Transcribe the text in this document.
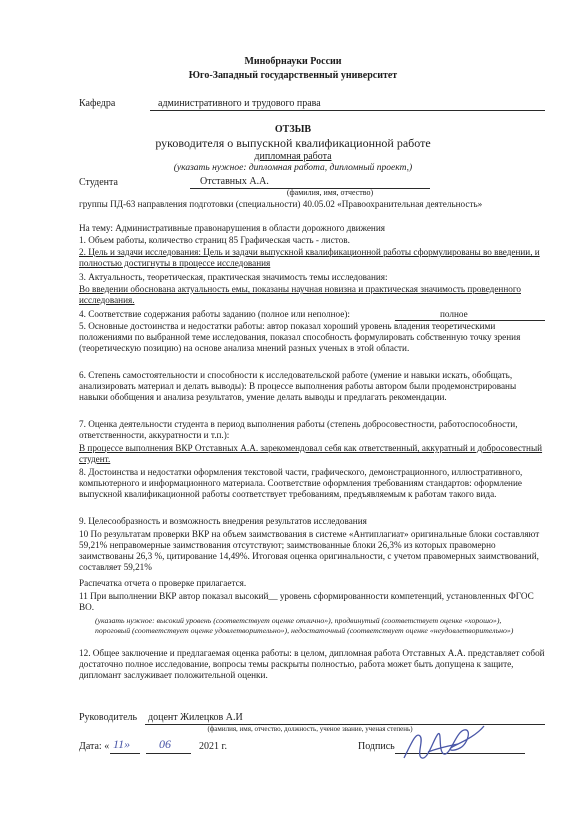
Минобрнауки России
Юго-Западный государственный университет
Кафедра	административного и трудового права
ОТЗЫВ
руководителя о выпускной квалификационной работе
дипломная работа
(указать нужное: дипломная работа, дипломный проект,)
Студента	Отставных А.А.
(фамилия, имя, отчество)
группы ПД-63 направления подготовки (специальности) 40.05.02 «Правоохранительная деятельность»
На тему: Административные правонарушения в области дорожного движения
1. Объем работы, количество страниц 85 Графическая часть - листов.
2. Цель и задачи исследования: Цель и задачи выпускной квалификационной работы сформулированы во введении, и полностью достигнуты в процессе исследования
3. Актуальность, теоретическая, практическая значимость темы исследования:
Во введении обоснована актуальность емы, показаны научная новизна и практическая значимость проведенного исследования.
4. Соответствие содержания работы заданию (полное или неполное):	полное
5. Основные достоинства и недостатки работы: автор показал хороший уровень владения теоретическими положениями по выбранной теме исследования, показал способность формулировать собственную точку зрения (теоретическую позицию) на основе анализа мнений разных ученых в этой области.
6. Степень самостоятельности и способности к исследовательской работе (умение и навыки искать, обобщать, анализировать материал и делать выводы): В процессе выполнения работы автором были продемонстрированы навыки обобщения и анализа результатов, умение делать выводы и предлагать рекомендации.
7. Оценка деятельности студента в период выполнения работы (степень добросовестности, работоспособности, ответственности, аккуратности и т.п.):
В процессе выполнения ВКР Отставных А.А. зарекомендовал себя как ответственный, аккуратный и добросовестный студент.
8. Достоинства и недостатки оформления текстовой части, графического, демонстрационного, иллюстративного, компьютерного и информационного материала. Соответствие оформления требованиям стандартов: оформление выпускной квалификационной работы соответствует требованиям, предъявляемым к работам такого вида.
9. Целесообразность и возможность внедрения результатов исследования
10 По результатам проверки ВКР на объем заимствования в системе «Антиплагиат» оригинальные блоки составляют 59,21% неправомерные заимствования отсутствуют; заимствованные блоки 26,3% из которых правомерно заимствованы 26,3 %, цитирование 14,49%. Итоговая оценка оригинальности, с учетом правомерных заимствований, составляет 59,21%
Распечатка отчета о проверке прилагается.
11 При выполнении ВКР автор показал высокий__ уровень сформированности компетенций, установленных ФГОС ВО.
(указать нужное: высокий уровень (соответствует оценке отлично»), продвинутый (соответствует оценке «хорошо»), пороговый (соответствует оценке удовлетворительно»), недостаточный (соответствует оценке «неудовлетворительно»)
12. Общее заключение и предлагаемая оценка работы: в целом, дипломная работа Отставных А.А. представляет собой достаточно полное исследование, вопросы темы раскрыты полностью, работа может быть допущена к защите, дипломант заслуживает положительной оценки.
Руководитель доцент Жилецков А.И
(фамилия, имя, отчество, должность, ученое звание, ученая степень)
Дата: « 11» 06	2021 г.	Подпись
